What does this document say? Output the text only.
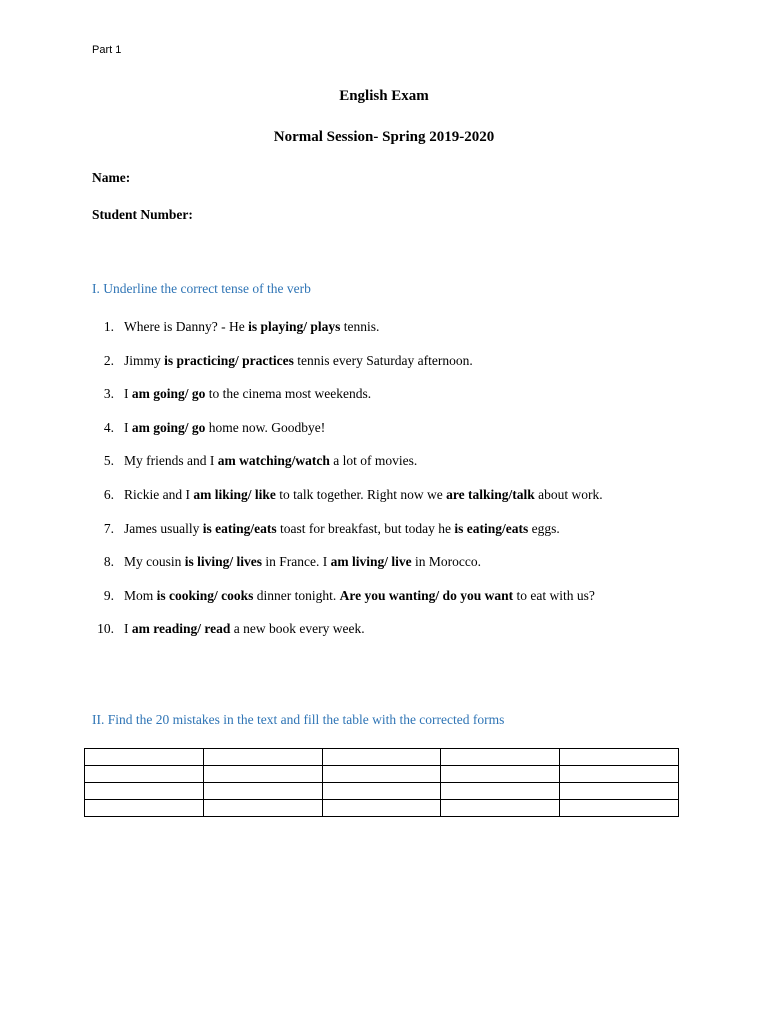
Part 1
English Exam
Normal Session- Spring 2019-2020
Name:
Student Number:
I. Underline the correct tense of the verb
1. Where is Danny? - He is playing/ plays tennis.
2. Jimmy is practicing/ practices tennis every Saturday afternoon.
3. I am going/ go to the cinema most weekends.
4. I am going/ go home now. Goodbye!
5. My friends and I am watching/watch a lot of movies.
6. Rickie and I am liking/ like to talk together. Right now we are talking/talk about work.
7. James usually is eating/eats toast for breakfast, but today he is eating/eats eggs.
8. My cousin is living/ lives in France. I am living/ live in Morocco.
9. Mom is cooking/ cooks dinner tonight. Are you wanting/ do you want to eat with us?
10. I am reading/ read a new book every week.
II. Find the 20 mistakes in the text and fill the table with the corrected forms
